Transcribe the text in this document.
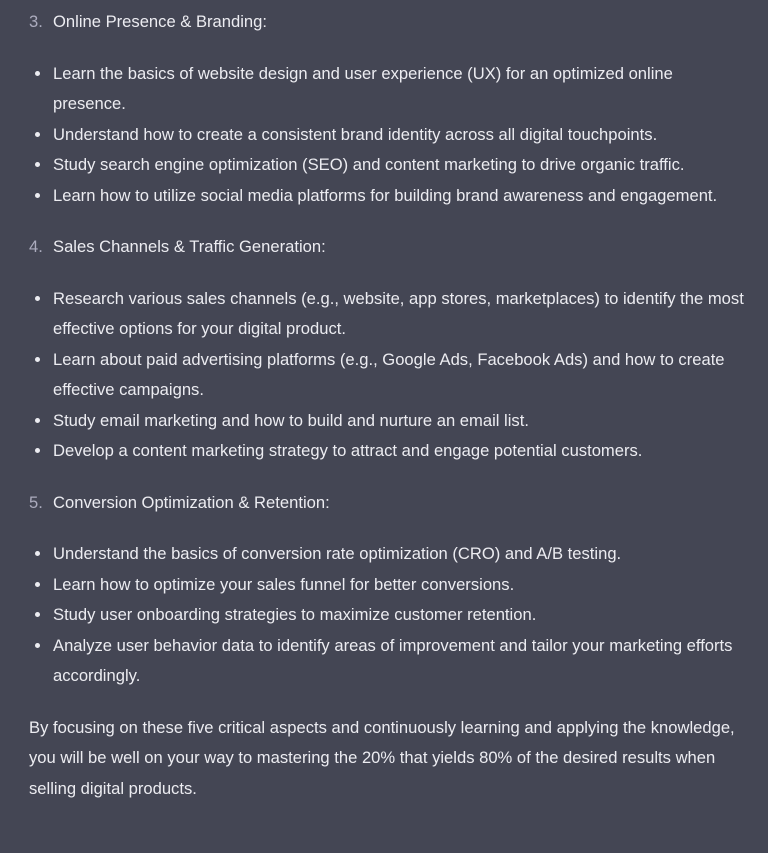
3. Online Presence & Branding:
Learn the basics of website design and user experience (UX) for an optimized online presence.
Understand how to create a consistent brand identity across all digital touchpoints.
Study search engine optimization (SEO) and content marketing to drive organic traffic.
Learn how to utilize social media platforms for building brand awareness and engagement.
4. Sales Channels & Traffic Generation:
Research various sales channels (e.g., website, app stores, marketplaces) to identify the most effective options for your digital product.
Learn about paid advertising platforms (e.g., Google Ads, Facebook Ads) and how to create effective campaigns.
Study email marketing and how to build and nurture an email list.
Develop a content marketing strategy to attract and engage potential customers.
5. Conversion Optimization & Retention:
Understand the basics of conversion rate optimization (CRO) and A/B testing.
Learn how to optimize your sales funnel for better conversions.
Study user onboarding strategies to maximize customer retention.
Analyze user behavior data to identify areas of improvement and tailor your marketing efforts accordingly.

By focusing on these five critical aspects and continuously learning and applying the knowledge, you will be well on your way to mastering the 20% that yields 80% of the desired results when selling digital products.
